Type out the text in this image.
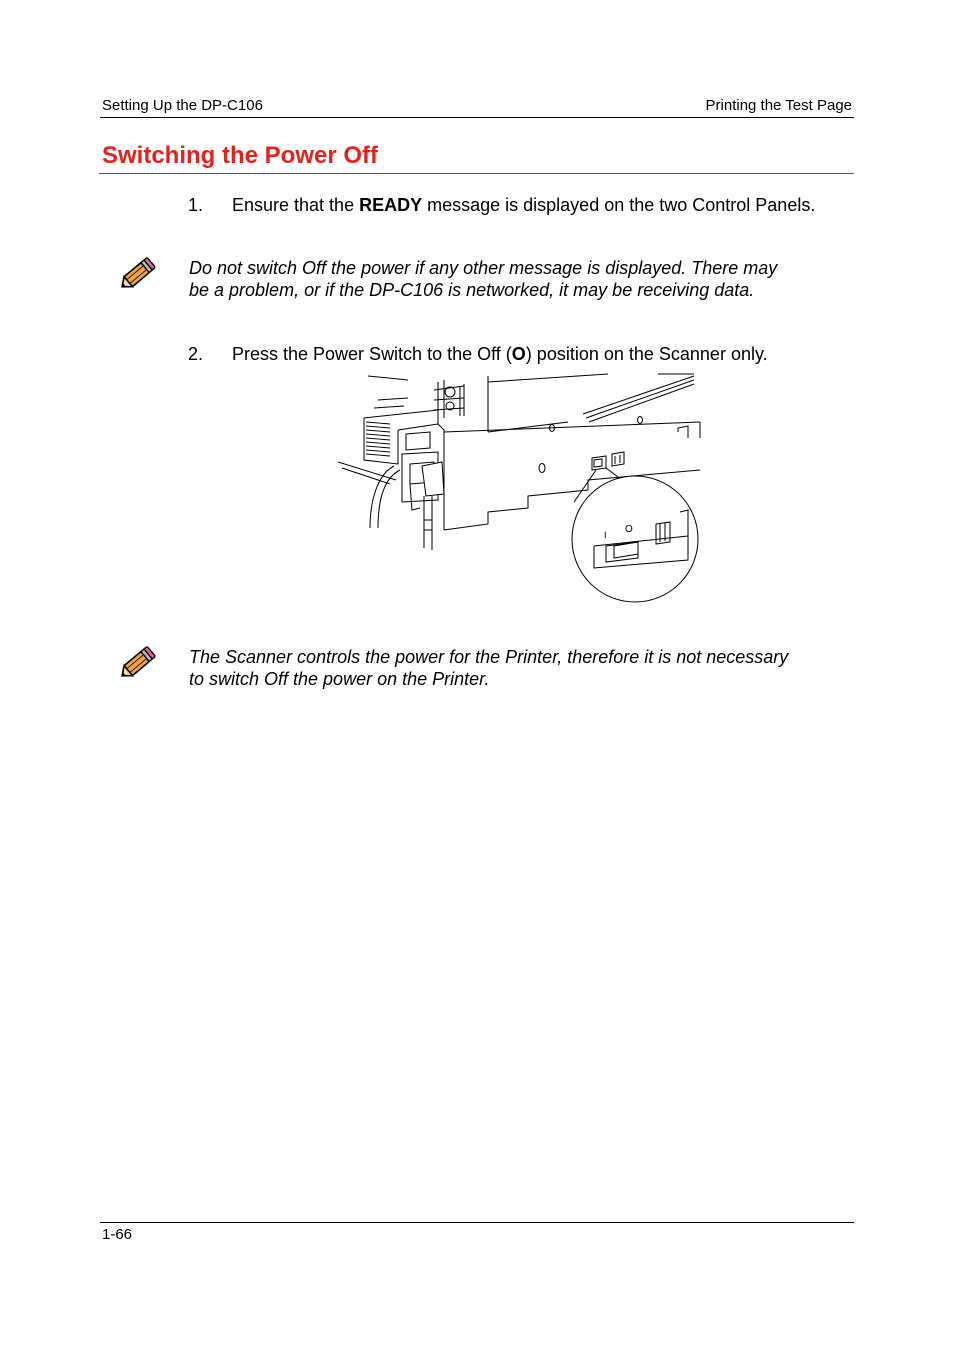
Setting Up the DP-C106	Printing the Test Page
Switching the Power Off
1. Ensure that the READY message is displayed on the two Control Panels.
Do not switch Off the power if any other message is displayed. There may
be a problem, or if the DP-C106 is networked, it may be receiving data.
2. Press the Power Switch to the Off (O) position on the Scanner only.
I O
The Scanner controls the power for the Printer, therefore it is not necessary
to switch Off the power on the Printer.
1-66
